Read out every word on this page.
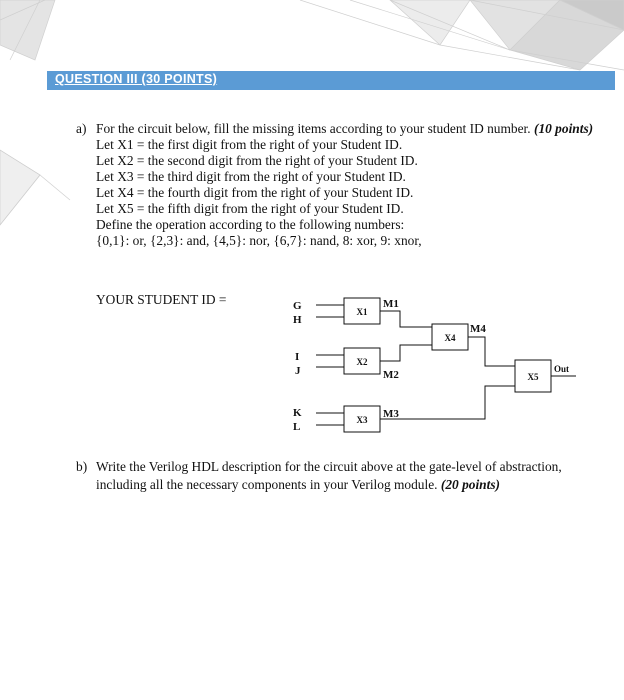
QUESTION III (30 POINTS)
a) For the circuit below, fill the missing items according to your student ID number. (10 points)
Let X1 = the first digit from the right of your Student ID.
Let X2 = the second digit from the right of your Student ID.
Let X3 = the third digit from the right of your Student ID.
Let X4 = the fourth digit from the right of your Student ID.
Let X5 = the fifth digit from the right of your Student ID.
Define the operation according to the following numbers:
{0,1}: or, {2,3}: and, {4,5}: nor, {6,7}: nand, 8: xor, 9: xnor,
YOUR STUDENT ID =	G
H
I
J
K
L
X1
X2
X3
X4
X5
M1
M2
M3
M4
Out
b) Write the Verilog HDL description for the circuit above at the gate-level of abstraction, including all the necessary components in your Verilog module. (20 points)
